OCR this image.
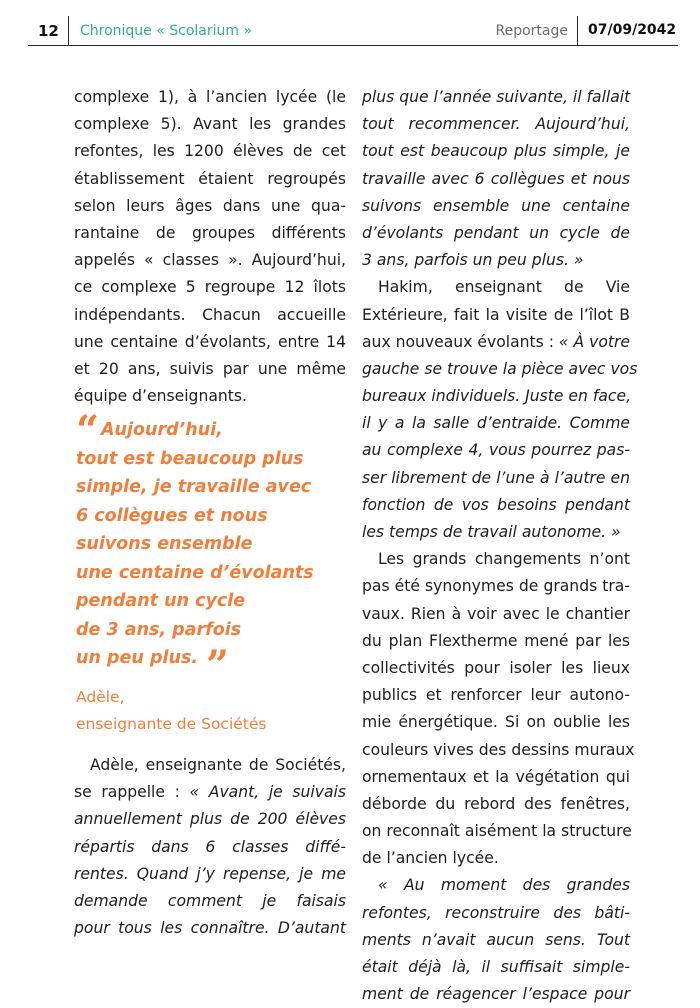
12 Chronique « Scolarium »	Reportage 07/09/2042
complexe 1), à l’ancien lycée (le
complexe 5). Avant les grandes
refontes, les 1200 élèves de cet
établissement étaient regroupés
selon leurs âges dans une qua-
rantaine de groupes différents
appelés « classes ». Aujourd’hui,
ce complexe 5 regroupe 12 îlots
indépendants. Chacun accueille
une centaine d’évolants, entre 14
et 20 ans, suivis par une même
équipe d’enseignants.
“ Aujourd’hui,
tout est beaucoup plus
simple, je travaille avec
6 collègues et nous
suivons ensemble
une centaine d’évolants
pendant un cycle
de 3 ans, parfois
un peu plus. ”
Adèle,
enseignante de Sociétés
Adèle, enseignante de Sociétés,
se rappelle : « Avant, je suivais
annuellement plus de 200 élèves
répartis dans 6 classes diffé-
rentes. Quand j’y repense, je me
demande comment je faisais
pour tous les connaître. D’autant
plus que l’année suivante, il fallait
tout recommencer. Aujourd’hui,
tout est beaucoup plus simple, je
travaille avec 6 collègues et nous
suivons ensemble une centaine
d’évolants pendant un cycle de
3 ans, parfois un peu plus. »
Hakim, enseignant de Vie
Extérieure, fait la visite de l’îlot B
aux nouveaux évolants : « À votre
gauche se trouve la pièce avec vos
bureaux individuels. Juste en face,
il y a la salle d’entraide. Comme
au complexe 4, vous pourrez pas-
ser librement de l’une à l’autre en
fonction de vos besoins pendant
les temps de travail autonome. »
Les grands changements n’ont
pas été synonymes de grands tra-
vaux. Rien à voir avec le chantier
du plan Flextherme mené par les
collectivités pour isoler les lieux
publics et renforcer leur autono-
mie énergétique. Si on oublie les
couleurs vives des dessins muraux
ornementaux et la végétation qui
déborde du rebord des fenêtres,
on reconnaît aisément la structure
de l’ancien lycée.
« Au moment des grandes
refontes, reconstruire des bâti-
ments n’avait aucun sens. Tout
était déjà là, il suffisait simple-
ment de réagencer l’espace pour
